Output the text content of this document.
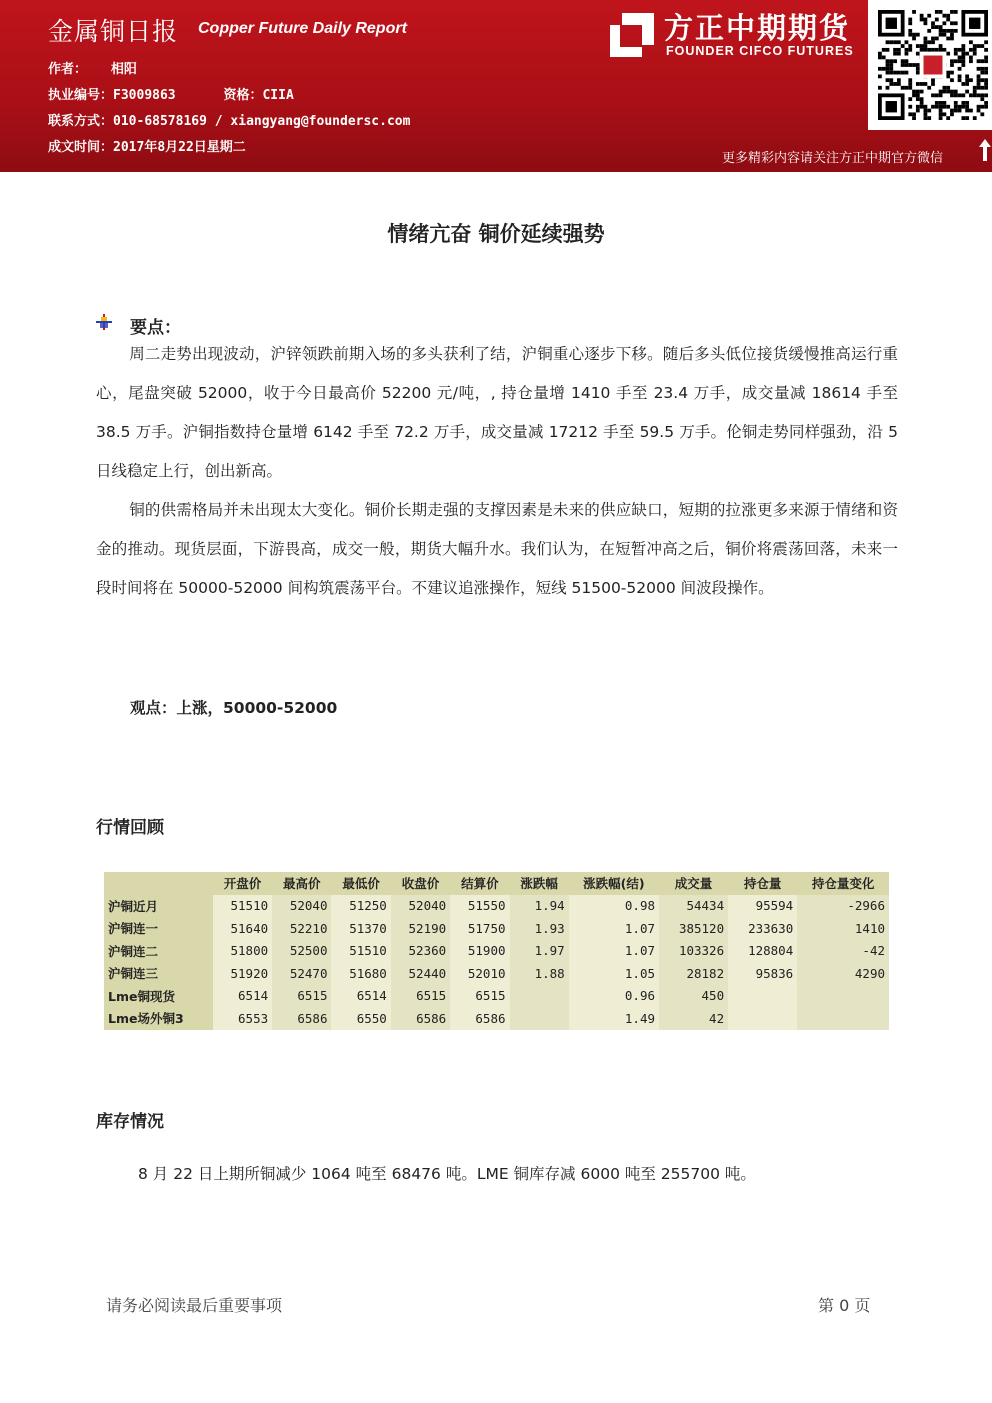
金属铜日报 Copper Future Daily Report
作者： 相阳
执业编号：F3009863	资格：CIIA
联系方式：010-68578169 / xiangyang@foundersc.com
成文时间：2017年8月22日星期二
方正中期期货
FOUNDER CIFCO FUTURES
更多精彩内容请关注方正中期官方微信
情绪亢奋 铜价延续强势
要点：
周二走势出现波动，沪锌领跌前期入场的多头获利了结，沪铜重心逐步下移。随后多头低位接货缓慢推高运行重心，尾盘突破 52000，收于今日最高价 52200 元/吨，, 持仓量增 1410 手至 23.4 万手，成交量减 18614 手至 38.5 万手。沪铜指数持仓量增 6142 手至 72.2 万手，成交量减 17212 手至 59.5 万手。伦铜走势同样强劲，沿 5 日线稳定上行，创出新高。
铜的供需格局并未出现太大变化。铜价长期走强的支撑因素是未来的供应缺口，短期的拉涨更多来源于情绪和资金的推动。现货层面，下游畏高，成交一般，期货大幅升水。我们认为，在短暂冲高之后，铜价将震荡回落，未来一段时间将在 50000-52000 间构筑震荡平台。不建议追涨操作，短线 51500-52000 间波段操作。
观点：上涨，50000-52000
行情回顾
	开盘价	最高价	最低价	收盘价	结算价	涨跌幅	涨跌幅(结)	成交量	持仓量	持仓量变化
沪铜近月	51510	52040	51250	52040	51550	1.94	0.98	54434	95594	-2966
沪铜连一	51640	52210	51370	52190	51750	1.93	1.07	385120	233630	1410
沪铜连二	51800	52500	51510	52360	51900	1.97	1.07	103326	128804	-42
沪铜连三	51920	52470	51680	52440	52010	1.88	1.05	28182	95836	4290
Lme铜现货	6514	6515	6514	6515	6515		0.96	450		
Lme场外铜3	6553	6586	6550	6586	6586		1.49	42		
库存情况
8 月 22 日上期所铜减少 1064 吨至 68476 吨。LME 铜库存减 6000 吨至 255700 吨。
请务必阅读最后重要事项	第 0 页
